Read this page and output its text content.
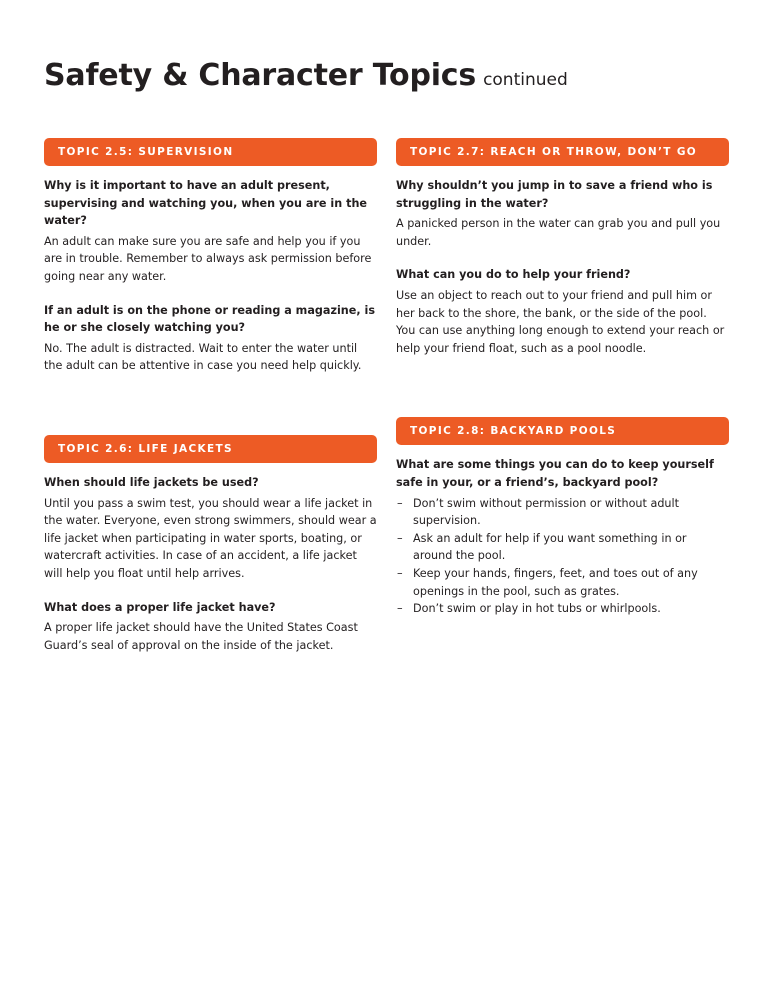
Safety & Character Topics continued
TOPIC 2.5: SUPERVISION

Why is it important to have an adult present, supervising and watching you, when you are in the water?

An adult can make sure you are safe and help you if you are in trouble. Remember to always ask permission before going near any water.

If an adult is on the phone or reading a magazine, is he or she closely watching you?

No. The adult is distracted. Wait to enter the water until the adult can be attentive in case you need help quickly.

TOPIC 2.6: LIFE JACKETS

When should life jackets be used?

Until you pass a swim test, you should wear a life jacket in the water. Everyone, even strong swimmers, should wear a life jacket when participating in water sports, boating, or watercraft activities. In case of an accident, a life jacket will help you float until help arrives.

What does a proper life jacket have?

A proper life jacket should have the United States Coast Guard’s seal of approval on the inside of the jacket.

TOPIC 2.7: REACH OR THROW, DON’T GO

Why shouldn’t you jump in to save a friend who is struggling in the water?

A panicked person in the water can grab you and pull you under.

What can you do to help your friend?

Use an object to reach out to your friend and pull him or her back to the shore, the bank, or the side of the pool. You can use anything long enough to extend your reach or help your friend float, such as a pool noodle.

TOPIC 2.8: BACKYARD POOLS

What are some things you can do to keep yourself safe in your, or a friend’s, backyard pool?

– Don’t swim without permission or without adult supervision.
– Ask an adult for help if you want something in or around the pool.
– Keep your hands, fingers, feet, and toes out of any openings in the pool, such as grates.
– Don’t swim or play in hot tubs or whirlpools.
